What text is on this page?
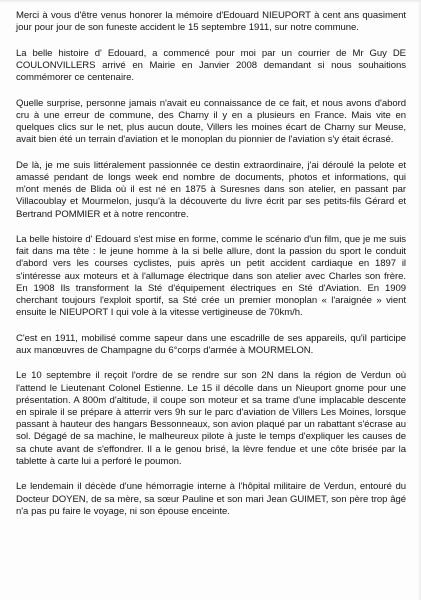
Merci à vous d'être venus honorer la mémoire d'Edouard NIEUPORT à cent ans quasiment jour pour jour de son funeste accident le 15 septembre 1911, sur notre commune.

La belle histoire d' Edouard, a commencé pour moi par un courrier de Mr Guy DE COULONVILLERS arrivé en Mairie en Janvier 2008 demandant si nous souhaitions commémorer ce centenaire.

Quelle surprise, personne jamais n'avait eu connaissance de ce fait, et nous avons d'abord cru à une erreur de commune, des Charny il y en a plusieurs en France. Mais vite en quelques clics sur le net, plus aucun doute, Villers les moines écart de Charny sur Meuse, avait bien été un terrain d'aviation et le monoplan du pionnier de l'aviation s'y était écrasé.

De là, je me suis littéralement passionnée ce destin extraordinaire, j'ai déroulé la pelote et amassé pendant de longs week end nombre de documents, photos et informations, qui m'ont menés de Blida où il est né en 1875 à Suresnes dans son atelier, en passant par Villacoublay et Mourmelon, jusqu'à la découverte du livre écrit par ses petits-fils Gérard et Bertrand POMMIER et à notre rencontre.

La belle histoire d' Edouard s'est mise en forme, comme le scénario d'un film, que je me suis fait dans ma tête : le jeune homme à la si belle allure, dont la passion du sport le conduit d'abord vers les courses cyclistes, puis après un petit accident cardiaque en 1897 il s'intéresse aux moteurs et à l'allumage électrique dans son atelier avec Charles son frère. En 1908 Ils transforment la Sté d'équipement électriques en Sté d'Aviation. En 1909 cherchant toujours l'exploit sportif, sa Sté crée un premier monoplan « l'araignée » vient ensuite le NIEUPORT I qui vole à la vitesse vertigineuse de 70km/h.

C'est en 1911, mobilisé comme sapeur dans une escadrille de ses appareils, qu'il participe aux manœuvres de Champagne du 6°corps d'armée à MOURMELON.

Le 10 septembre il reçoit l'ordre de se rendre sur son 2N dans la région de Verdun où l'attend le Lieutenant Colonel Estienne. Le 15 il décolle dans un Nieuport gnome pour une présentation. A 800m d'altitude, il coupe son moteur et sa trame d'une implacable descente en spirale il se prépare à atterrir vers 9h sur le parc d'aviation de Villers Les Moines, lorsque passant à hauteur des hangars Bessonneaux, son avion plaqué par un rabattant s'écrase au sol. Dégagé de sa machine, le malheureux pilote à juste le temps d'expliquer les causes de sa chute avant de s'effondrer. Il a le genou brisé, la lèvre fendue et une côte brisée par la tablette à carte lui a perforé le poumon.

Le lendemain il décède d'une hémorragie interne à l'hôpital militaire de Verdun, entouré du Docteur DOYEN, de sa mère, sa sœur Pauline et son mari Jean GUIMET, son père trop âgé n'a pas pu faire le voyage, ni son épouse enceinte.
